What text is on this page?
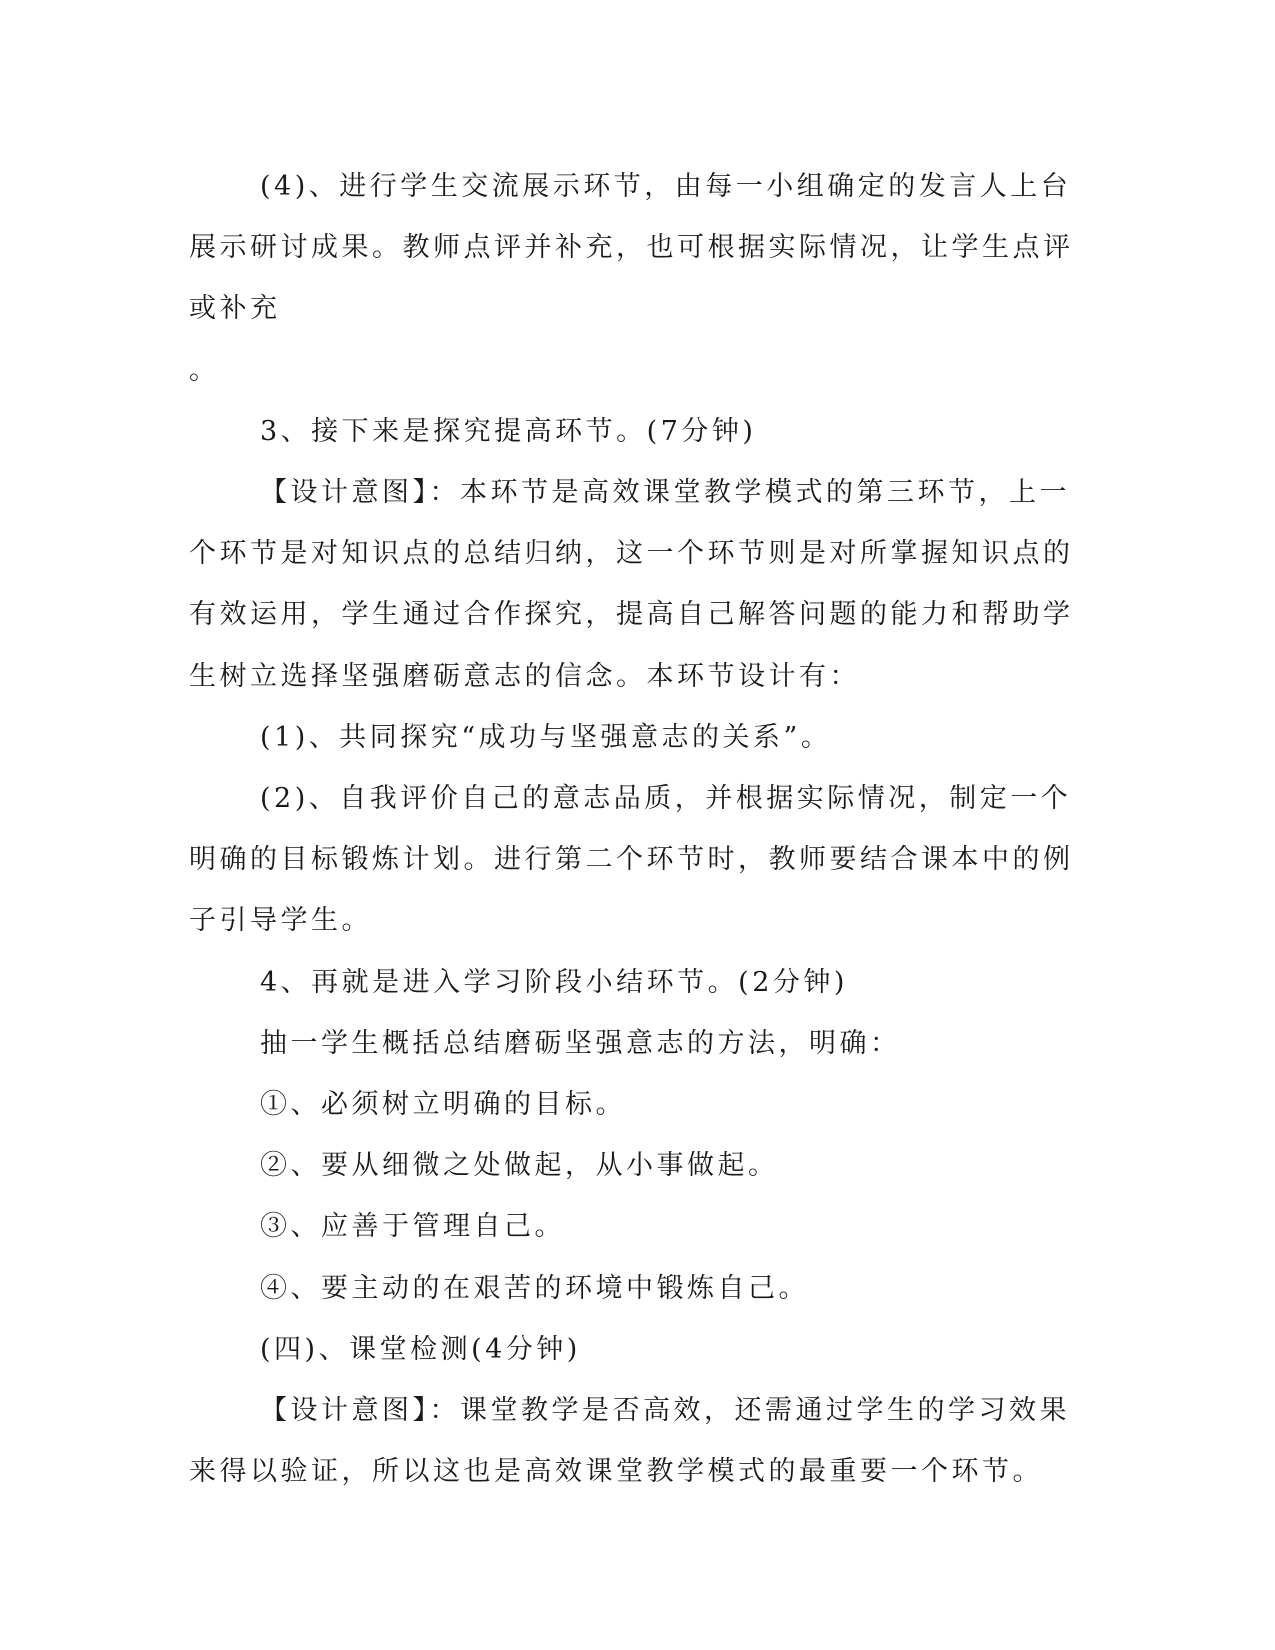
(4)、进行学生交流展示环节，由每一小组确定的发言人上台展示研讨成果。教师点评并补充，也可根据实际情况，让学生点评或补充
。

3、接下来是探究提高环节。(7分钟)

【设计意图】：本环节是高效课堂教学模式的第三环节，上一个环节是对知识点的总结归纳，这一个环节则是对所掌握知识点的有效运用，学生通过合作探究，提高自己解答问题的能力和帮助学生树立选择坚强磨砺意志的信念。本环节设计有：

(1)、共同探究“成功与坚强意志的关系”。

(2)、自我评价自己的意志品质，并根据实际情况，制定一个明确的目标锻炼计划。进行第二个环节时，教师要结合课本中的例子引导学生。

4、再就是进入学习阶段小结环节。(2分钟)

抽一学生概括总结磨砺坚强意志的方法，明确：

①、必须树立明确的目标。

②、要从细微之处做起，从小事做起。

③、应善于管理自己。

④、要主动的在艰苦的环境中锻炼自己。

(四)、课堂检测(4分钟)

【设计意图】：课堂教学是否高效，还需通过学生的学习效果来得以验证，所以这也是高效课堂教学模式的最重要一个环节。
